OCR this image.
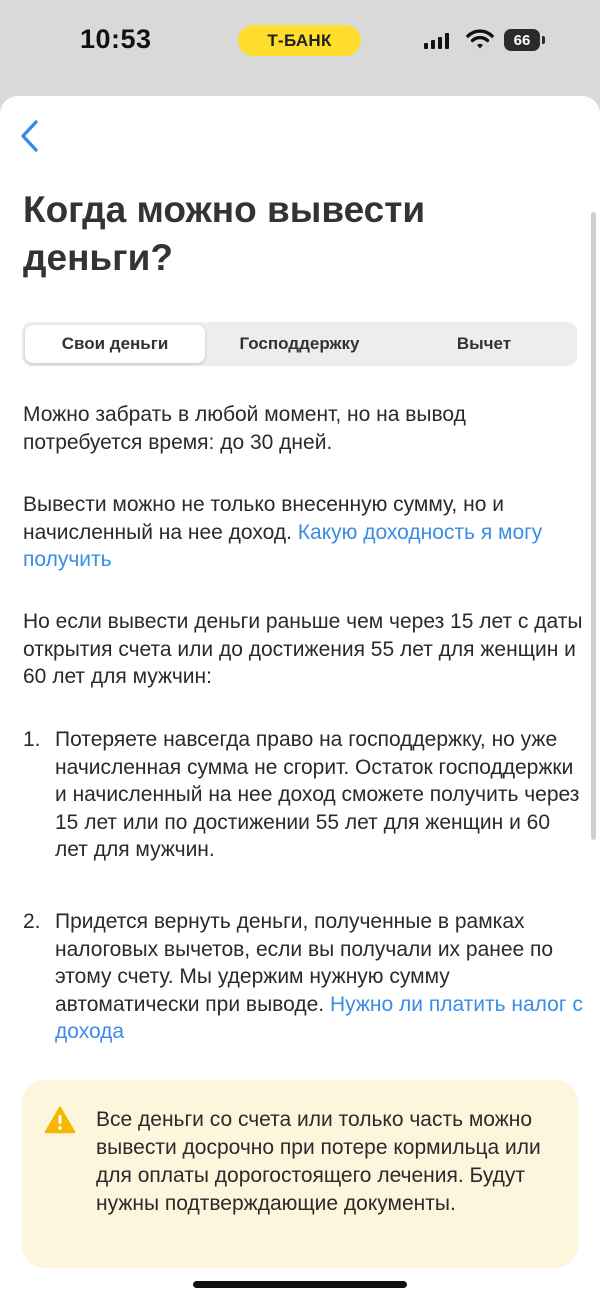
10:53	Т-БАНК	66
Когда можно вывести деньги?
Свои деньги	Господдержку	Вычет

Можно забрать в любой момент, но на вывод потребуется время: до 30 дней.

Вывести можно не только внесенную сумму, но и начисленный на нее доход. Какую доходность я могу получить

Но если вывести деньги раньше чем через 15 лет с даты открытия счета или до достижения 55 лет для женщин и 60 лет для мужчин:

1. Потеряете навсегда право на господдержку, но уже начисленная сумма не сгорит. Остаток господдержки и начисленный на нее доход сможете получить через 15 лет или по достижении 55 лет для женщин и 60 лет для мужчин.

2. Придется вернуть деньги, полученные в рамках налоговых вычетов, если вы получали их ранее по этому счету. Мы удержим нужную сумму автоматически при выводе. Нужно ли платить налог с дохода

Все деньги со счета или только часть можно вывести досрочно при потере кормильца или для оплаты дорогостоящего лечения. Будут нужны подтверждающие документы.
